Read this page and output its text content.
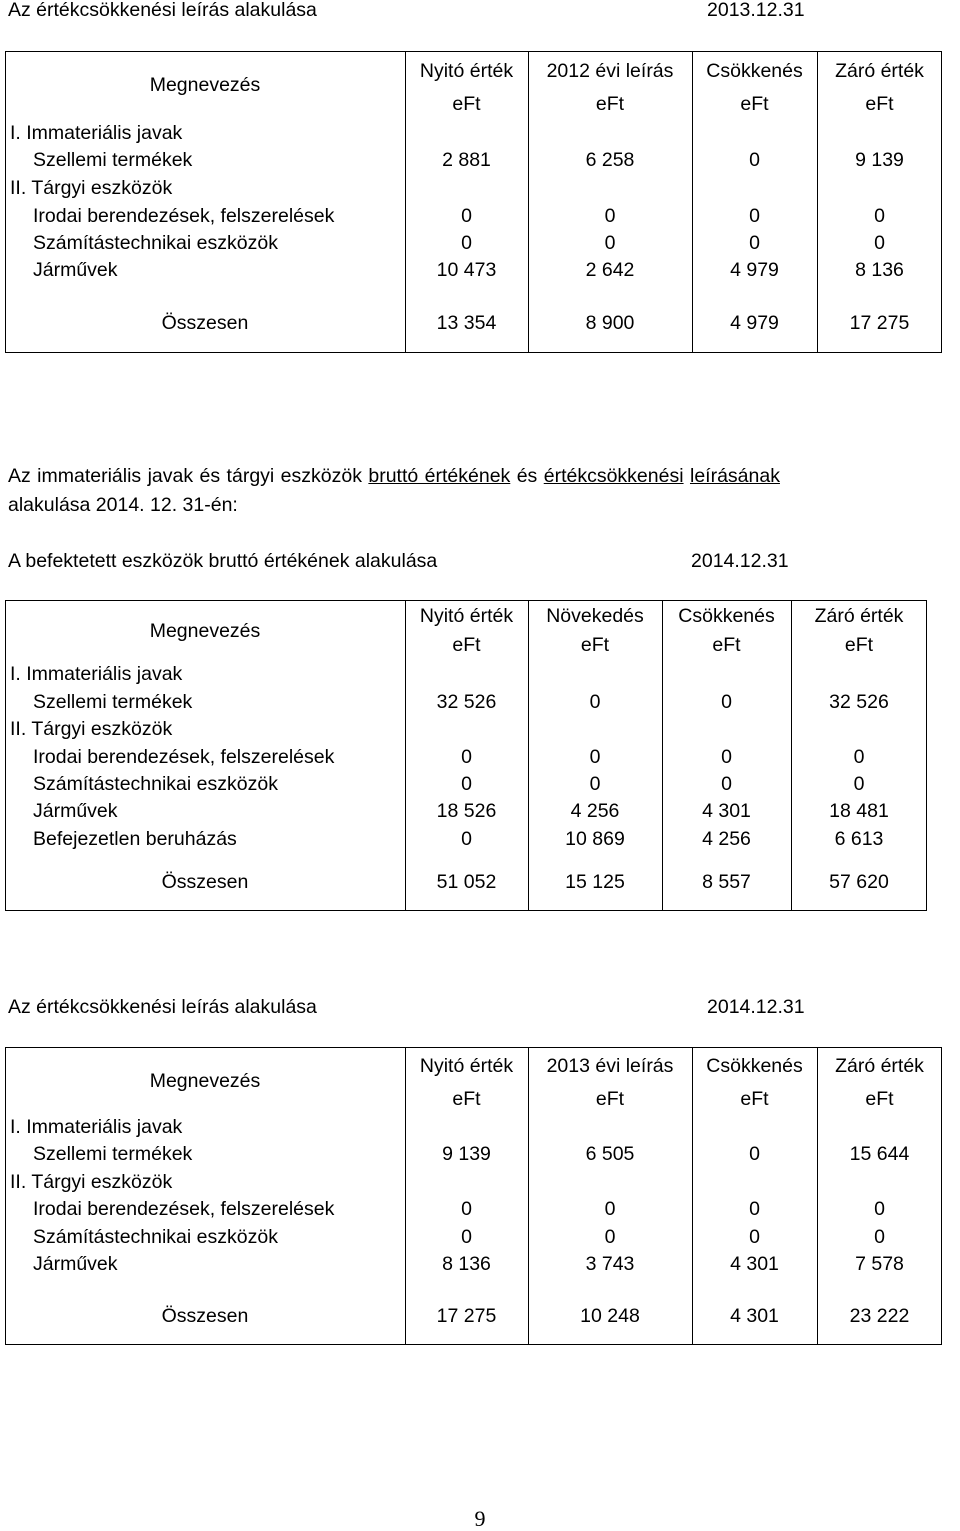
Az értékcsökkenési leírás alakulása	2013.12.31
Megnevezés
Nyitó érték	2012 évi leírás	Csökkenés	Záró érték
eFt	eFt	eFt	eFt
I. Immateriális javak
Szellemi termékek	2 881	6 258	0	9 139
II. Tárgyi eszközök
Irodai berendezések, felszerelések	0	0	0	0
Számítástechnikai eszközök	0	0	0	0
Járművek	10 473	2 642	4 979	8 136
Összesen	13 354	8 900	4 979	17 275
Az immateriális javak és tárgyi eszközök bruttó értékének és értékcsökkenési leírásának
alakulása 2014. 12. 31-én:
A befektetett eszközök bruttó értékének alakulása	2014.12.31
Megnevezés
Nyitó érték	Növekedés	Csökkenés	Záró érték
eFt	eFt	eFt	eFt
I. Immateriális javak
Szellemi termékek	32 526	0	0	32 526
II. Tárgyi eszközök
Irodai berendezések, felszerelések	0	0	0	0
Számítástechnikai eszközök	0	0	0	0
Járművek	18 526	4 256	4 301	18 481
Befejezetlen beruházás	0	10 869	4 256	6 613
Összesen	51 052	15 125	8 557	57 620
Az értékcsökkenési leírás alakulása	2014.12.31
Megnevezés
Nyitó érték	2013 évi leírás	Csökkenés	Záró érték
eFt	eFt	eFt	eFt
I. Immateriális javak
Szellemi termékek	9 139	6 505	0	15 644
II. Tárgyi eszközök
Irodai berendezések, felszerelések	0	0	0	0
Számítástechnikai eszközök	0	0	0	0
Járművek	8 136	3 743	4 301	7 578
Összesen	17 275	10 248	4 301	23 222
9
